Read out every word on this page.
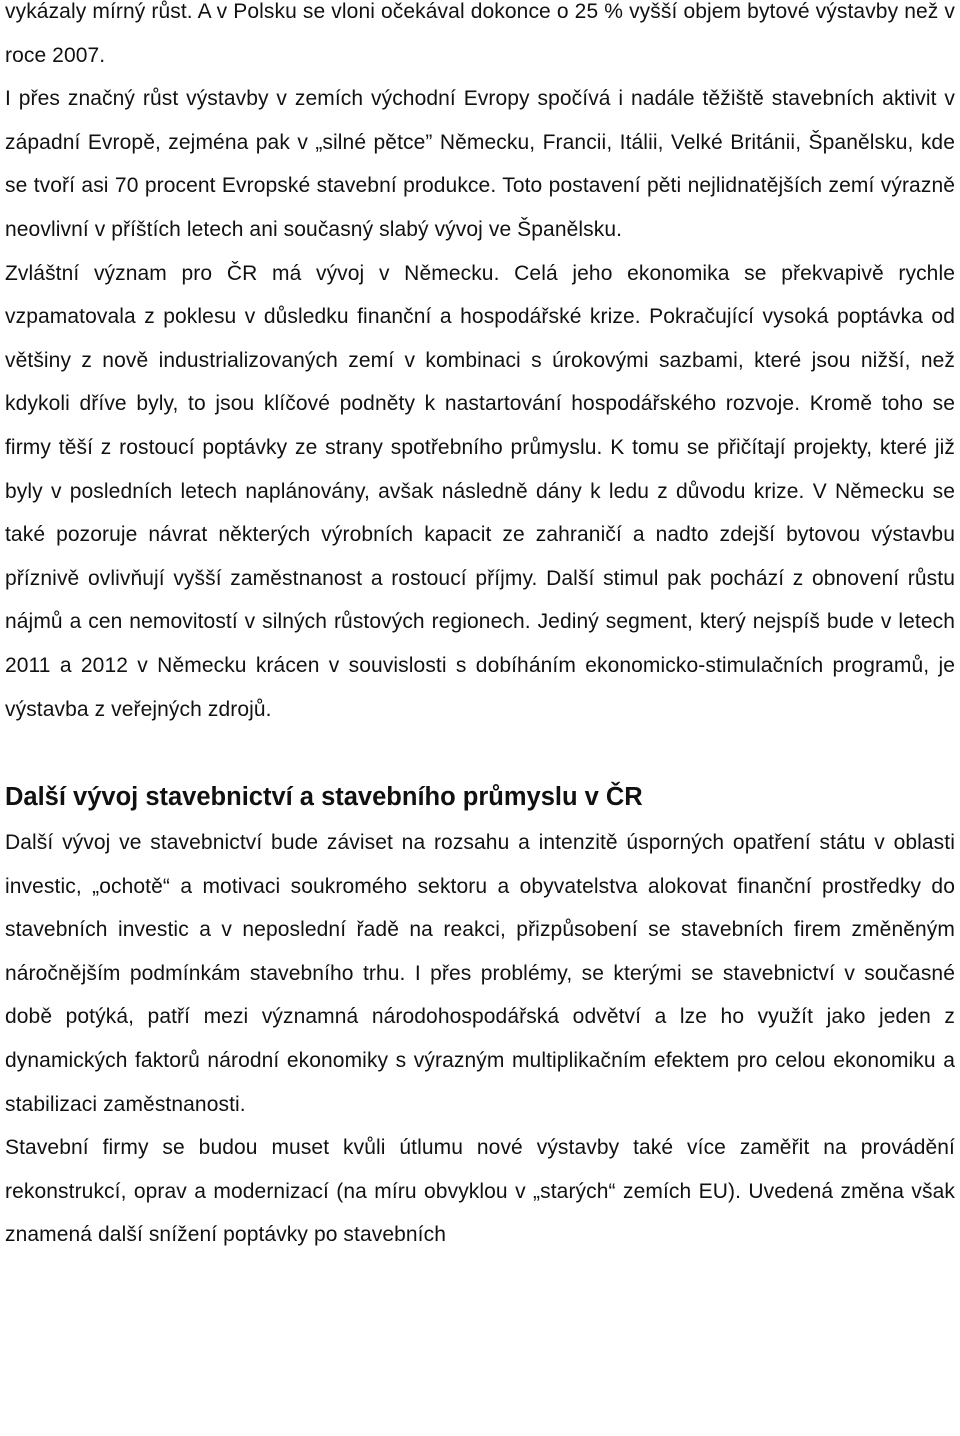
vykázaly mírný růst. A v Polsku se vloni očekával dokonce o 25 % vyšší objem bytové výstavby než v roce 2007.

I přes značný růst výstavby v zemích východní Evropy spočívá i nadále těžiště stavebních aktivit v západní Evropě, zejména pak v „silné pětce” Německu, Francii, Itálii, Velké Británii, Španělsku, kde se tvoří asi 70 procent Evropské stavební produkce. Toto postavení pěti nejlidnatějších zemí výrazně neovlivní v příštích letech ani současný slabý vývoj ve Španělsku.

Zvláštní význam pro ČR má vývoj v Německu. Celá jeho ekonomika se překvapivě rychle vzpamatovala z poklesu v důsledku finanční a hospodářské krize. Pokračující vysoká poptávka od většiny z nově industrializovaných zemí v kombinaci s úrokovými sazbami, které jsou nižší, než kdykoli dříve byly, to jsou klíčové podněty k nastartování hospodářského rozvoje. Kromě toho se firmy těší z rostoucí poptávky ze strany spotřebního průmyslu. K tomu se přičítají projekty, které již byly v posledních letech naplánovány, avšak následně dány k ledu z důvodu krize. V Německu se také pozoruje návrat některých výrobních kapacit ze zahraničí a nadto zdejší bytovou výstavbu příznivě ovlivňují vyšší zaměstnanost a rostoucí příjmy. Další stimul pak pochází z obnovení růstu nájmů a cen nemovitostí v silných růstových regionech. Jediný segment, který nejspíš bude v letech 2011 a 2012 v Německu krácen v souvislosti s dobíháním ekonomicko-stimulačních programů, je výstavba z veřejných zdrojů.

Další vývoj stavebnictví a stavebního průmyslu v ČR

Další vývoj ve stavebnictví bude záviset na rozsahu a intenzitě úsporných opatření státu v oblasti investic, „ochotě“ a motivaci soukromého sektoru a obyvatelstva alokovat finanční prostředky do stavebních investic a v neposlední řadě na reakci, přizpůsobení se stavebních firem změněným náročnějším podmínkám stavebního trhu. I přes problémy, se kterými se stavebnictví v současné době potýká, patří mezi významná národohospodářská odvětví a lze ho využít jako jeden z dynamických faktorů národní ekonomiky s výrazným multiplikačním efektem pro celou ekonomiku a stabilizaci zaměstnanosti.

Stavební firmy se budou muset kvůli útlumu nové výstavby také více zaměřit na provádění rekonstrukcí, oprav a modernizací (na míru obvyklou v „starých“ zemích EU). Uvedená změna však znamená další snížení poptávky po stavebních
